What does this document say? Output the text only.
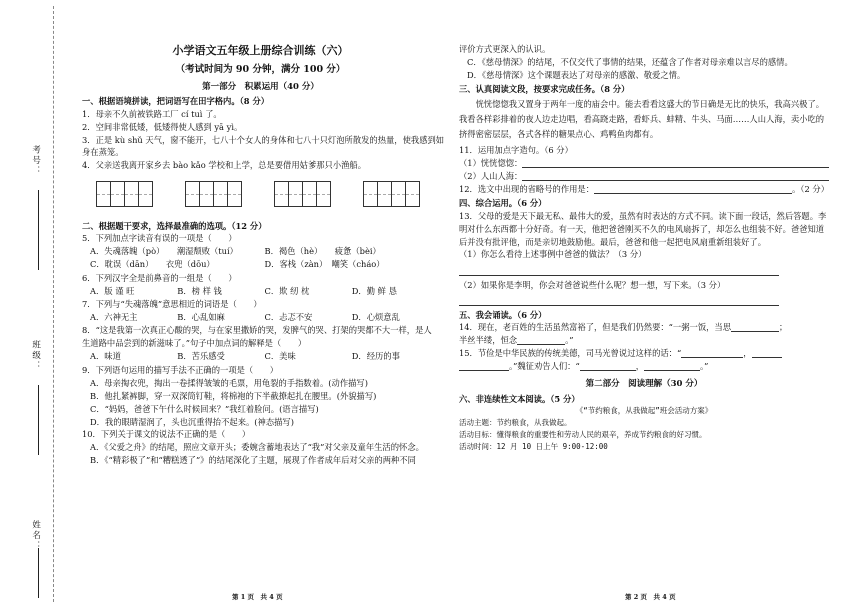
考号：
班级：
姓名：
小学语文五年级上册综合训练（六）
（考试时间为 90 分钟，满分 100 分）
第一部分　积累运用（40 分）
一、根据语境拼读，把词语写在田字格内。（8 分）
1．母亲不久前被铁路工厂 cí tuì 了。
2．空间非常低矮，低矮得使人感到 yā yì。
3．正是 kù shǔ 天气，窗不能开，七八十个女人的身体和七八十只灯泡所散发的热量，使我感到如
身在蒸笼。
4．父亲送我离开家乡去 bào kǎo 学校和上学，总是要借用姑爹那只小渔船。
二、根据题干要求，选择最准确的选项。（12 分）
5．下列加点字读音有误的一项是（　　）
A．失魂落魄（pò）　　潮湿颓败（tuí）	B．褐色（hè）　　疲惫（bèi）
C．耽误（dān）　　衣兜（dōu）	D．客栈（zàn）　嘲笑（cháo）
6．下列汉字全是前鼻音的一组是（　　）
A．版 谨 旺	B．榜 样 钱	C．欺 纫 枕	D．勤 鲜 恳
7．下列与“失魂落魄”意思相近的词语是（　　）
A．六神无主	B．心乱如麻	C．忐忑不安	D．心烦意乱
8．“这是我第一次真正心酸的哭，与在家里撒娇的哭，发脾气的哭、打架的哭都不大一样，是人
生道路中品尝到的新滋味了。”句子中加点词的解释是（　　）
A．味道	B．苦乐感受	C．美味	D．经历的事
9．下列语句运用的描写手法不正确的一项是（　　）
A．母亲掏衣兜，掏出一卷揉得皱皱的毛票，用龟裂的手指数着。(动作描写)
B．他扎紧裤脚，穿一双深筒钉鞋，将棉袍的下半截撩起扎在腰里。(外貌描写)
C．“妈妈，爸爸下午什么时候回来？”我红着脸问。(语言描写)
D．我的眼睛湿润了，头也沉重得抬不起来。(神态描写)
10．下列关于课文的说法不正确的是（　　）
A．《父爱之舟》的结尾，照应文章开头；委婉含蓄地表达了“我”对父亲及童年生活的怀念。
B．《“精彩极了”和“糟糕透了”》的结尾深化了主题，展现了作者成年后对父亲的两种不同
第 1 页　共 4 页
评价方式更深入的认识。
C．《慈母情深》的结尾，不仅交代了事情的结果，还蕴含了作者对母亲难以言尽的感情。
D．《慈母情深》这个课题表达了对母亲的感激、敬爱之情。
三、认真阅读文段，按要求完成任务。（8 分）
恍恍惚惚我又置身于两年一度的庙会中。能去看看这盛大的节日确是无比的快乐，我高兴极了。我看各样彩排着的夜人边走边唱，看高跷走路，看虾兵、蚌精、牛头、马面……人山人海，卖小吃的挤得密密层层，各式各样的糖果点心、鸡鸭鱼肉都有。
11．运用加点字造句。（6 分）
（1）恍恍惚惚：
（2）人山人海：
12．选文中出现的省略号的作用是：	。（2 分）
四、综合运用。（6 分）
13．父母的爱是天下最无私、最伟大的爱，虽然有时表达的方式不同。读下面一段话，然后答题。李明对什么东西都十分好奇。有一天，他把爸爸刚买不久的电风扇拆了，却怎么也组装不好。爸爸知道后并没有批评他，而是亲切地鼓励他。最后，爸爸和他一起把电风扇重新组装好了。
（1）你怎么看待上述事例中爸爸的做法？（3 分）
（2）如果你是李明，你会对爸爸说些什么呢？想一想，写下来。（3 分）
五、我会诵读。（6 分）
14．现在，老百姓的生活虽然富裕了，但是我们仍然要：“一粥一饭，当思	；
半丝半缕，恒念	。”
15．节俭是中华民族的传统美德，司马光曾说过这样的话：“	，
。”魏征劝告人们：“	，	。”
第二部分　阅读理解（30 分）
六、非连续性文本阅读。（5 分）
《“节约粮食，从我做起”班会活动方案》
活动主题：节约粮食，从我做起。
活动目标：懂得粮食的重要性和劳动人民的艰辛，养成节约粮食的好习惯。
活动时间：12 月 10 日上午 9:00-12:00
第 2 页　共 4 页
